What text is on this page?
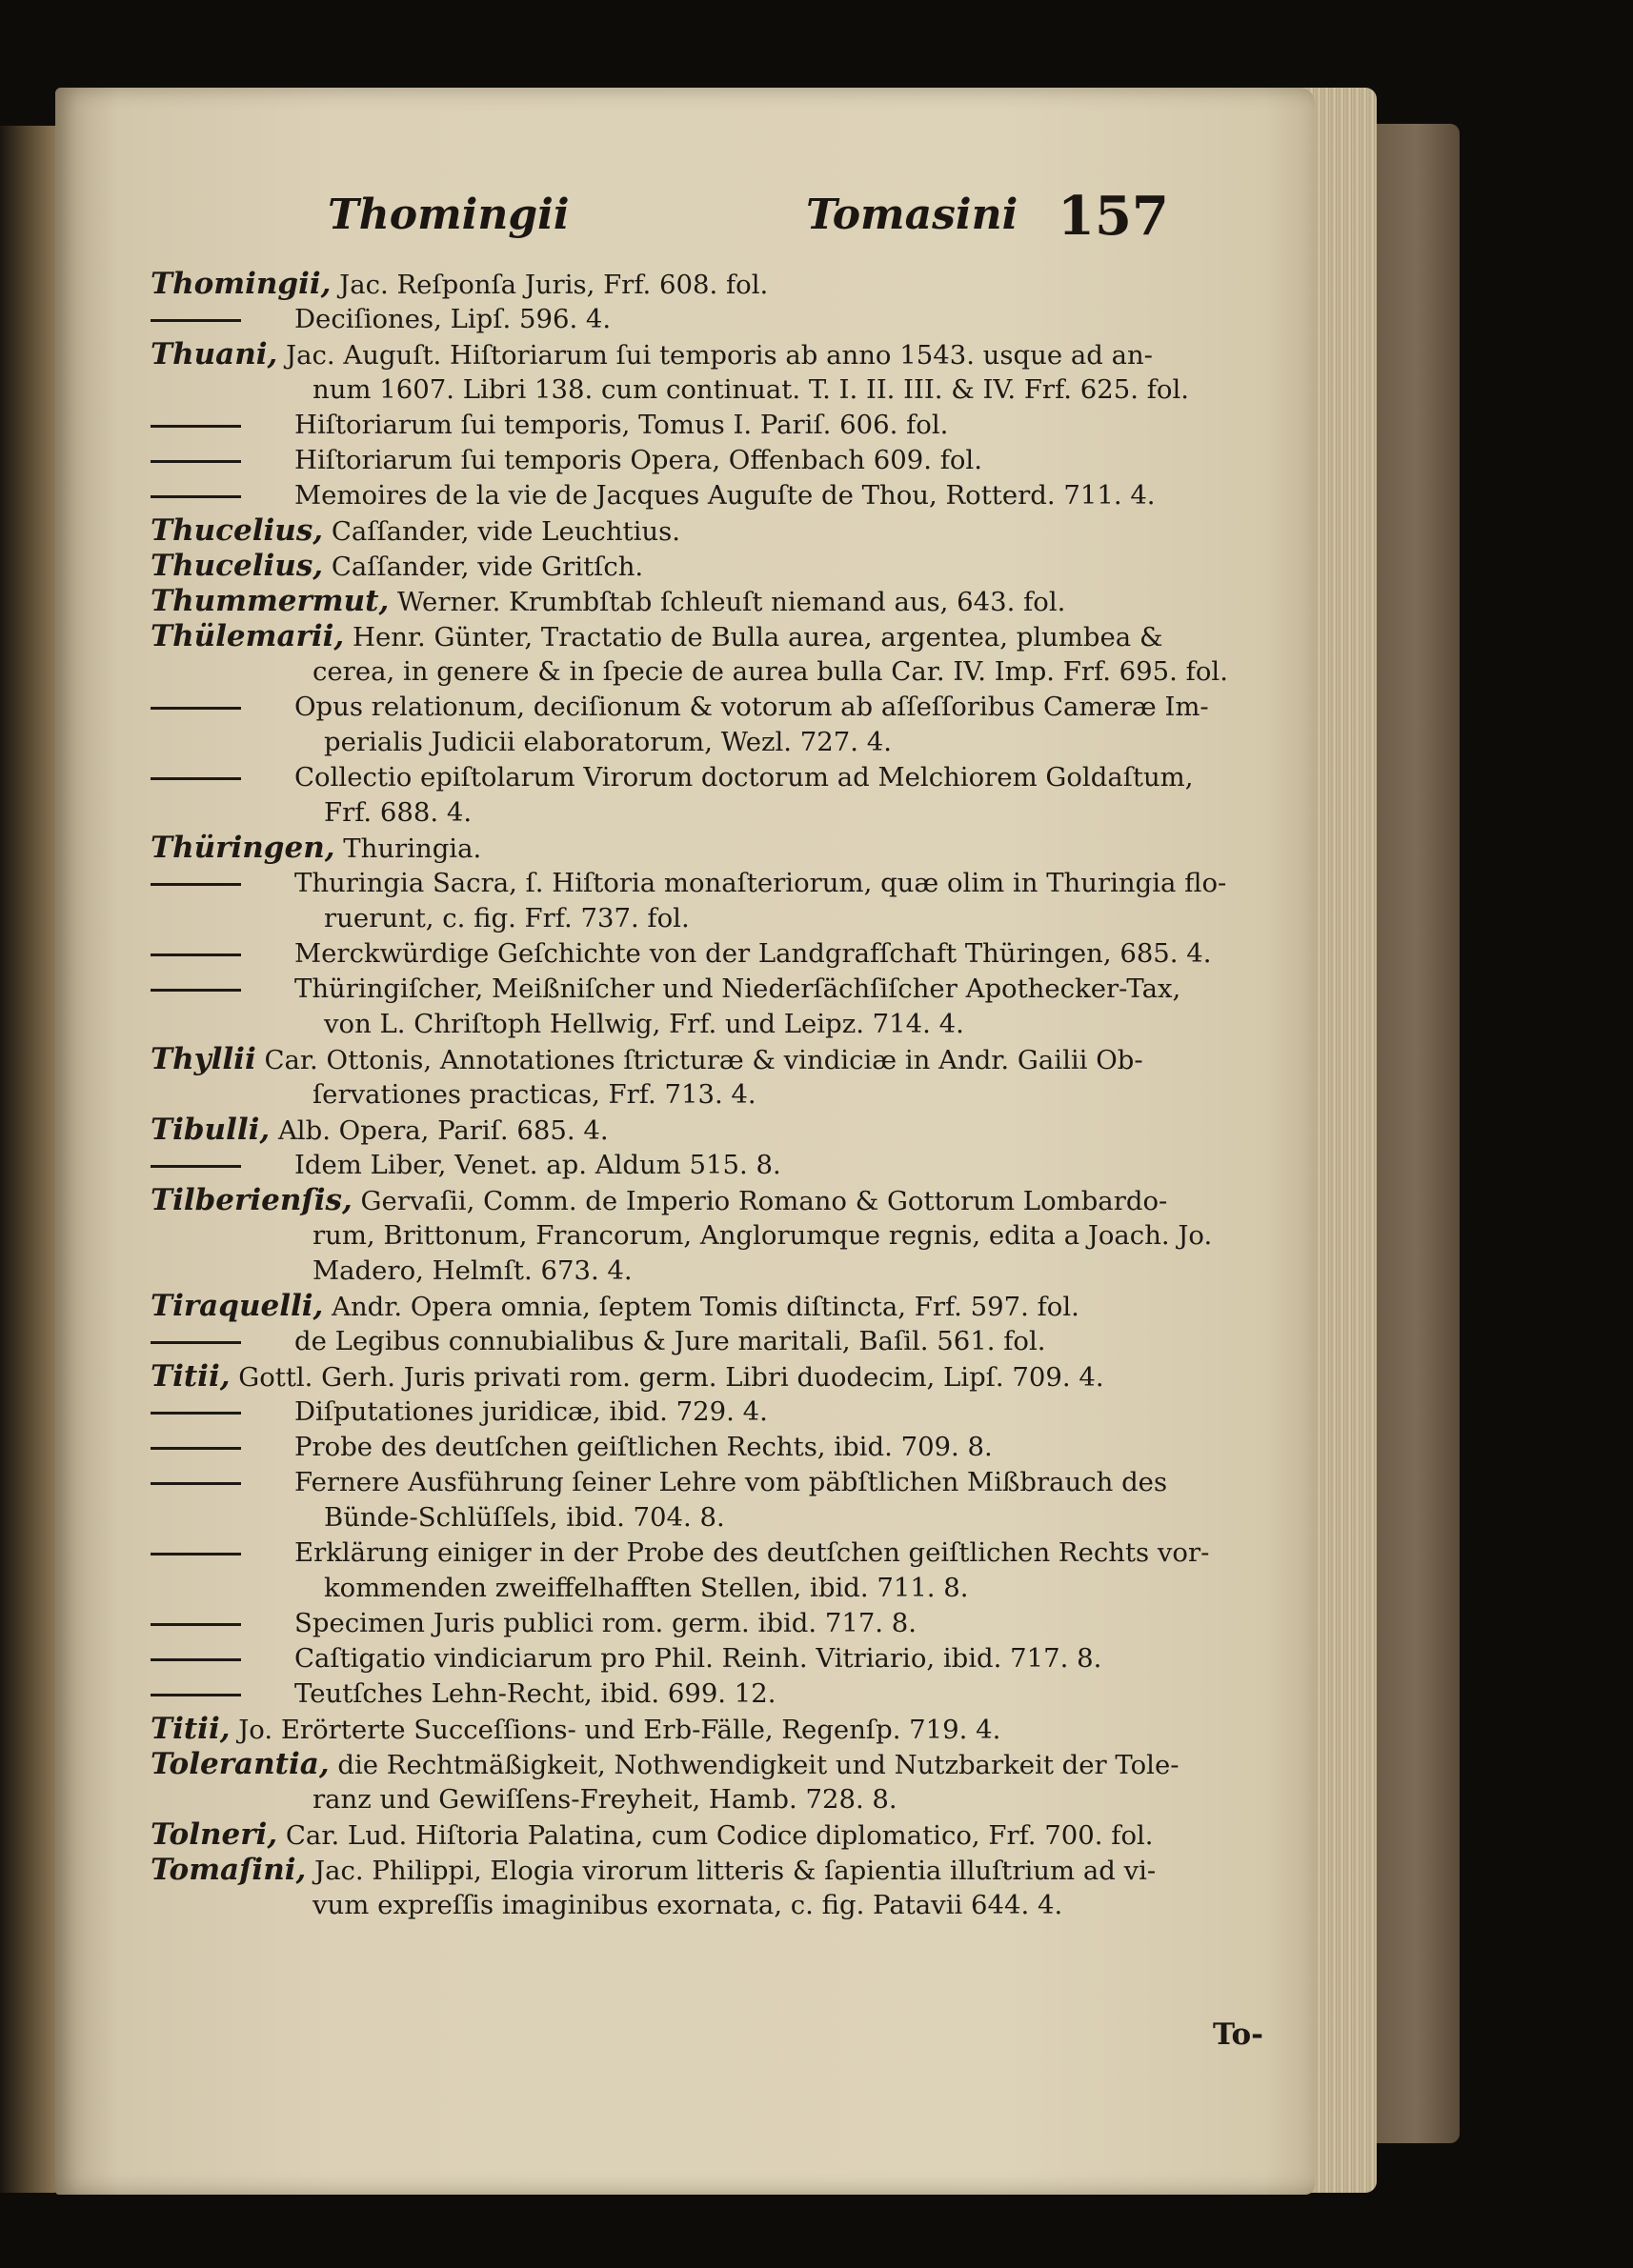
Thomingii	Tomasini 157
Thomingii, Jac. Reſponſa Juris, Frf. 608. fol.
Deciſiones, Lipſ. 596. 4.
Thuani, Jac. Auguſt. Hiſtoriarum ſui temporis ab anno 1543. usque ad an-
num 1607. Libri 138. cum continuat. T. I. II. III. & IV. Frf. 625. fol.
Hiſtoriarum ſui temporis, Tomus I. Pariſ. 606. fol.
Hiſtoriarum ſui temporis Opera, Offenbach 609. fol.
Memoires de la vie de Jacques Auguſte de Thou, Rotterd. 711. 4.
Thucelius, Caſſander, vide Leuchtius.
Thucelius, Caſſander, vide Gritſch.
Thummermut, Werner. Krumbſtab ſchleuſt niemand aus, 643. fol.
Thülemarii, Henr. Günter, Tractatio de Bulla aurea, argentea, plumbea &
cerea, in genere & in ſpecie de aurea bulla Car. IV. Imp. Frf. 695. fol.
Opus relationum, deciſionum & votorum ab aſſeſſoribus Cameræ Im-
perialis Judicii elaboratorum, Wezl. 727. 4.
Collectio epiſtolarum Virorum doctorum ad Melchiorem Goldaſtum,
Frf. 688. 4.
Thüringen, Thuringia.
Thuringia Sacra, ſ. Hiſtoria monaſteriorum, quæ olim in Thuringia flo-
ruerunt, c. fig. Frf. 737. fol.
Merckwürdige Geſchichte von der Landgrafſchaft Thüringen, 685. 4.
Thüringiſcher, Meißniſcher und Niederſächſiſcher Apothecker-Tax,
von L. Chriſtoph Hellwig, Frf. und Leipz. 714. 4.
Thyllii Car. Ottonis, Annotationes ſtricturæ & vindiciæ in Andr. Gailii Ob-
ſervationes practicas, Frf. 713. 4.
Tibulli, Alb. Opera, Pariſ. 685. 4.
Idem Liber, Venet. ap. Aldum 515. 8.
Tilberienſis, Gervaſii, Comm. de Imperio Romano & Gottorum Lombardo-
rum, Brittonum, Francorum, Anglorumque regnis, edita a Joach. Jo.
Madero, Helmſt. 673. 4.
Tiraquelli, Andr. Opera omnia, ſeptem Tomis diſtincta, Frf. 597. fol.
de Legibus connubialibus & Jure maritali, Baſil. 561. fol.
Titii, Gottl. Gerh. Juris privati rom. germ. Libri duodecim, Lipſ. 709. 4.
Diſputationes juridicæ, ibid. 729. 4.
Probe des deutſchen geiſtlichen Rechts, ibid. 709. 8.
Fernere Ausführung ſeiner Lehre vom päbſtlichen Mißbrauch des
Bünde-Schlüſſels, ibid. 704. 8.
Erklärung einiger in der Probe des deutſchen geiſtlichen Rechts vor-
kommenden zweiffelhafften Stellen, ibid. 711. 8.
Specimen Juris publici rom. germ. ibid. 717. 8.
Caſtigatio vindiciarum pro Phil. Reinh. Vitriario, ibid. 717. 8.
Teutſches Lehn-Recht, ibid. 699. 12.
Titii, Jo. Erörterte Succeſſions- und Erb-Fälle, Regenſp. 719. 4.
Tolerantia, die Rechtmäßigkeit, Nothwendigkeit und Nutzbarkeit der Tole-
ranz und Gewiſſens-Freyheit, Hamb. 728. 8.
Tolneri, Car. Lud. Hiſtoria Palatina, cum Codice diplomatico, Frf. 700. fol.
Tomaſini, Jac. Philippi, Elogia virorum litteris & ſapientia illuſtrium ad vi-
vum expreſſis imaginibus exornata, c. fig. Patavii 644. 4.
To-
